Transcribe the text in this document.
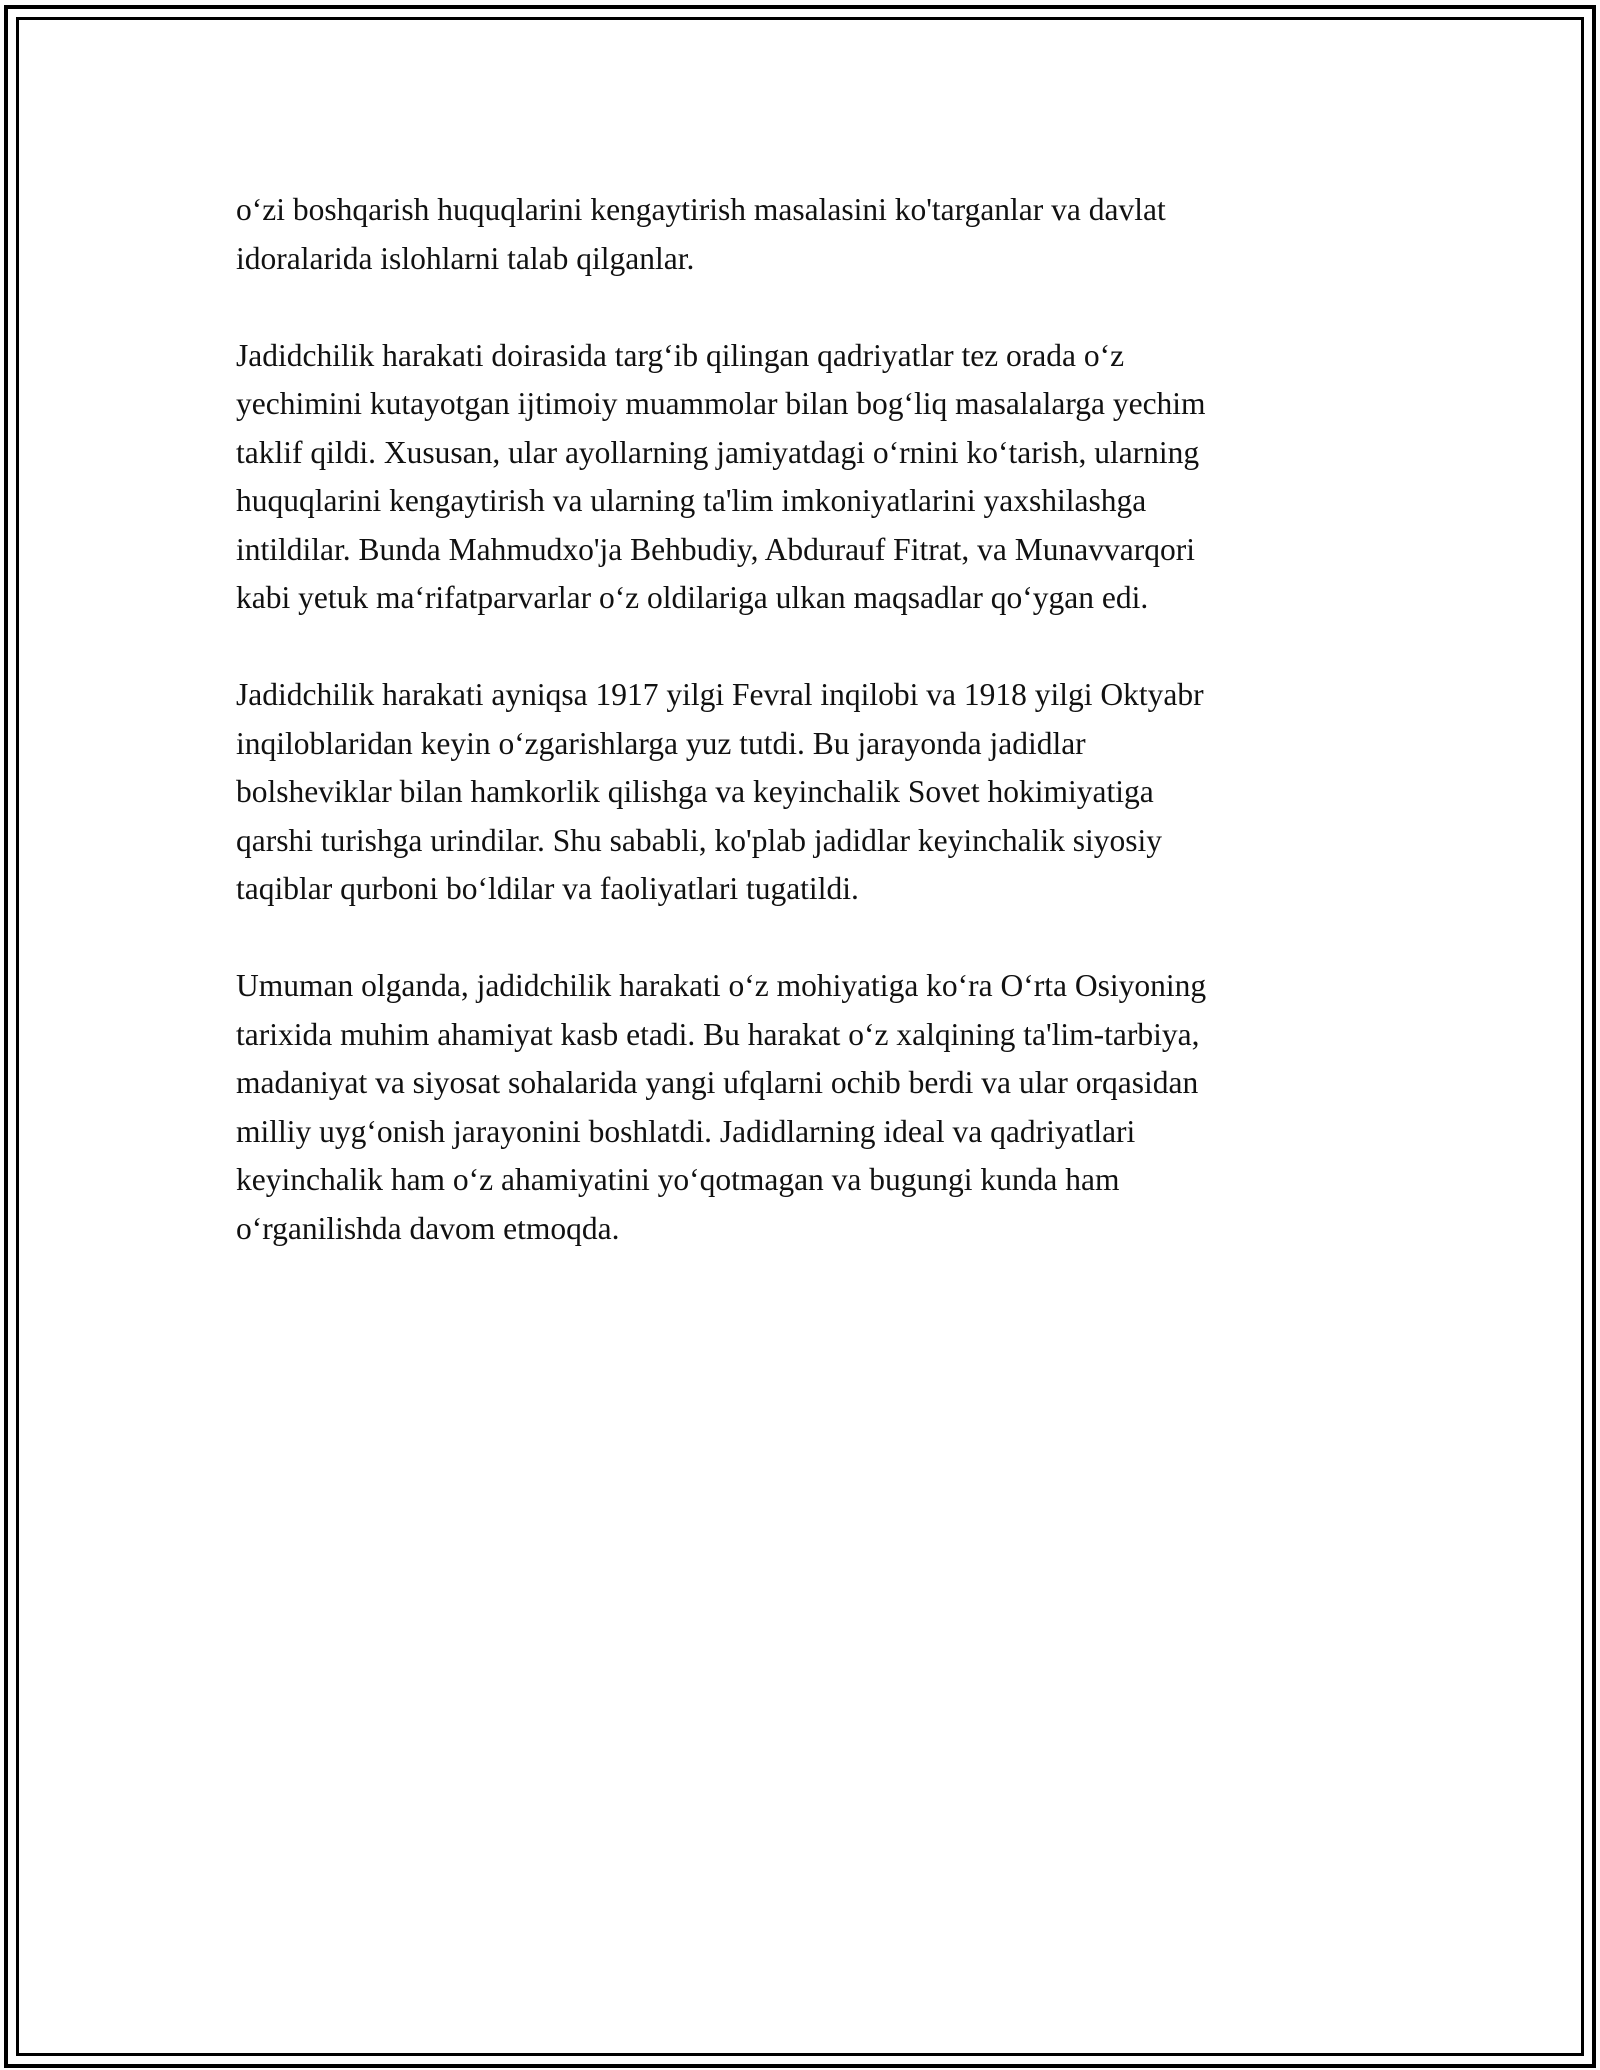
o‘zi boshqarish huquqlarini kengaytirish masalasini ko'targanlar va davlat
idoralarida islohlarni talab qilganlar.

Jadidchilik harakati doirasida targ‘ib qilingan qadriyatlar tez orada o‘z
yechimini kutayotgan ijtimoiy muammolar bilan bog‘liq masalalarga yechim
taklif qildi. Xususan, ular ayollarning jamiyatdagi o‘rnini ko‘tarish, ularning
huquqlarini kengaytirish va ularning ta'lim imkoniyatlarini yaxshilashga
intildilar. Bunda Mahmudxo'ja Behbudiy, Abdurauf Fitrat, va Munavvarqori
kabi yetuk ma‘rifatparvarlar o‘z oldilariga ulkan maqsadlar qo‘ygan edi.

Jadidchilik harakati ayniqsa 1917 yilgi Fevral inqilobi va 1918 yilgi Oktyabr
inqiloblaridan keyin o‘zgarishlarga yuz tutdi. Bu jarayonda jadidlar
bolsheviklar bilan hamkorlik qilishga va keyinchalik Sovet hokimiyatiga
qarshi turishga urindilar. Shu sababli, ko'plab jadidlar keyinchalik siyosiy
taqiblar qurboni bo‘ldilar va faoliyatlari tugatildi.

Umuman olganda, jadidchilik harakati o‘z mohiyatiga ko‘ra O‘rta Osiyoning
tarixida muhim ahamiyat kasb etadi. Bu harakat o‘z xalqining ta'lim-tarbiya,
madaniyat va siyosat sohalarida yangi ufqlarni ochib berdi va ular orqasidan
milliy uyg‘onish jarayonini boshlatdi. Jadidlarning ideal va qadriyatlari
keyinchalik ham o‘z ahamiyatini yo‘qotmagan va bugungi kunda ham
o‘rganilishda davom etmoqda.
